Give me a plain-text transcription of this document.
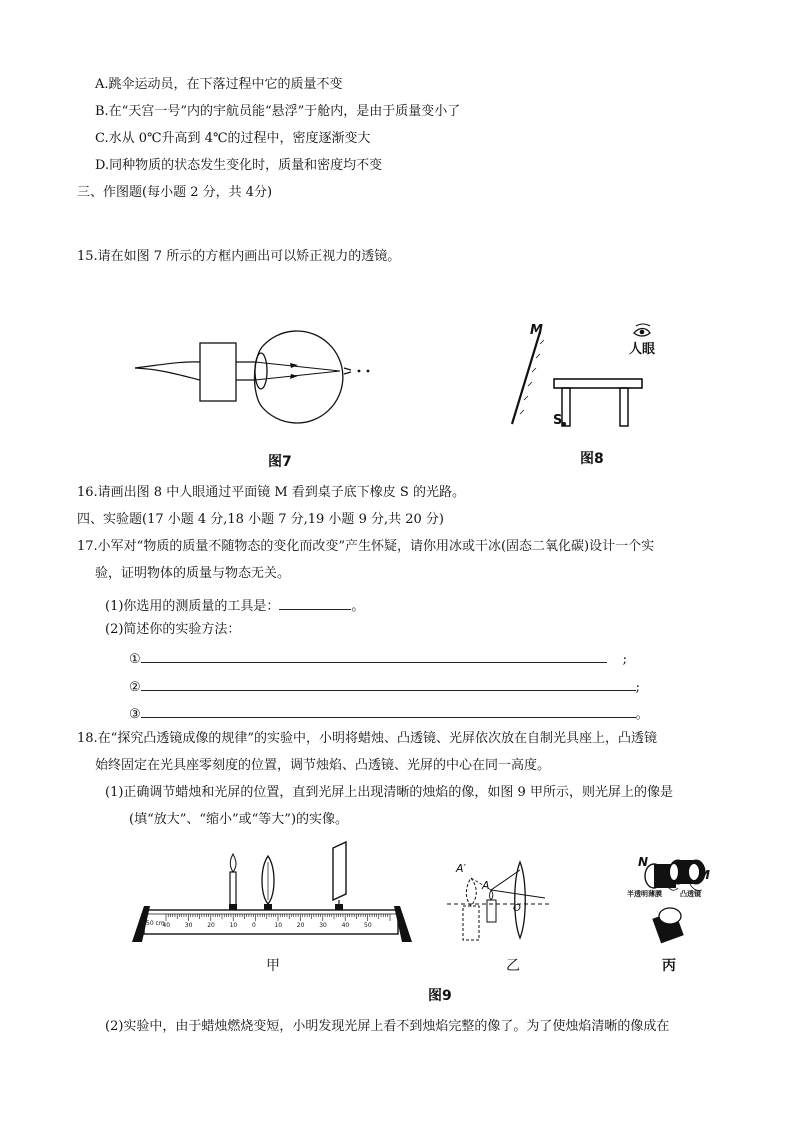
A.跳伞运动员，在下落过程中它的质量不变
B.在“天宫一号”内的宇航员能“悬浮”于舱内，是由于质量变小了
C.水从 0℃升高到 4℃的过程中，密度逐渐变大
D.同种物质的状态发生变化时，质量和密度均不变
三、作图题(每小题 2 分，共 4分)
15.请在如图 7 所示的方框内画出可以矫正视力的透镜。
图7
M
人眼
S
图8
16.请画出图 8 中人眼通过平面镜 M 看到桌子底下橡皮 S 的光路。
四、实验题(17 小题 4 分,18 小题 7 分,19 小题 9 分,共 20 分)
17.小军对“物质的质量不随物态的变化而改变”产生怀疑，请你用冰或干冰(固态二氧化碳)设计一个实
验，证明物体的质量与物态无关。
(1)你选用的测质量的工具是：	。
(2)简述你的实验方法：
①	;
②	;
③	。
18.在“探究凸透镜成像的规律”的实验中，小明将蜡烛、凸透镜、光屏依次放在自制光具座上，凸透镜
始终固定在光具座零刻度的位置，调节烛焰、凸透镜、光屏的中心在同一高度。
(1)正确调节蜡烛和光屏的位置，直到光屏上出现清晰的烛焰的像，如图 9 甲所示，则光屏上的像是
(填“放大”、“缩小”或“等大”)的实像。
50 cm
40 30 20 10 0	10 20 30 40 50
A′
A
O
N
M
半透明薄膜	凸透镜
甲	乙	丙
图9
(2)实验中，由于蜡烛燃烧变短，小明发现光屏上看不到烛焰完整的像了。为了使烛焰清晰的像成在
